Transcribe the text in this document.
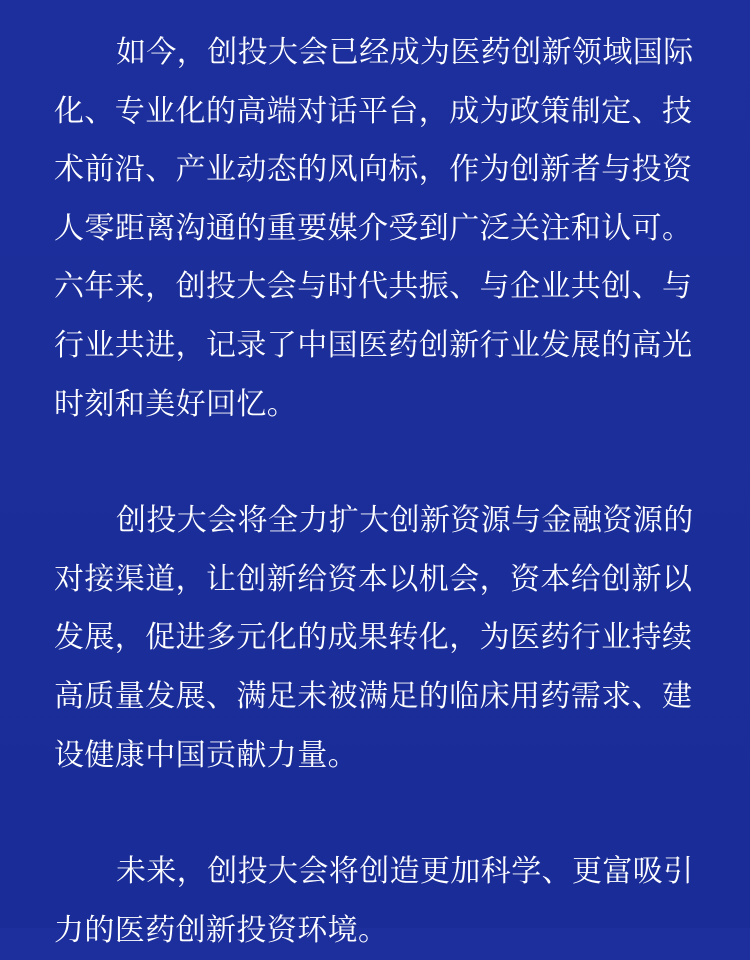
如今，创投大会已经成为医药创新领域国际
化、专业化的高端对话平台，成为政策制定、技
术前沿、产业动态的风向标，作为创新者与投资
人零距离沟通的重要媒介受到广泛关注和认可。
六年来，创投大会与时代共振、与企业共创、与
行业共进，记录了中国医药创新行业发展的高光
时刻和美好回忆。

创投大会将全力扩大创新资源与金融资源的
对接渠道，让创新给资本以机会，资本给创新以
发展，促进多元化的成果转化，为医药行业持续
高质量发展、满足未被满足的临床用药需求、建
设健康中国贡献力量。

未来，创投大会将创造更加科学、更富吸引
力的医药创新投资环境。
